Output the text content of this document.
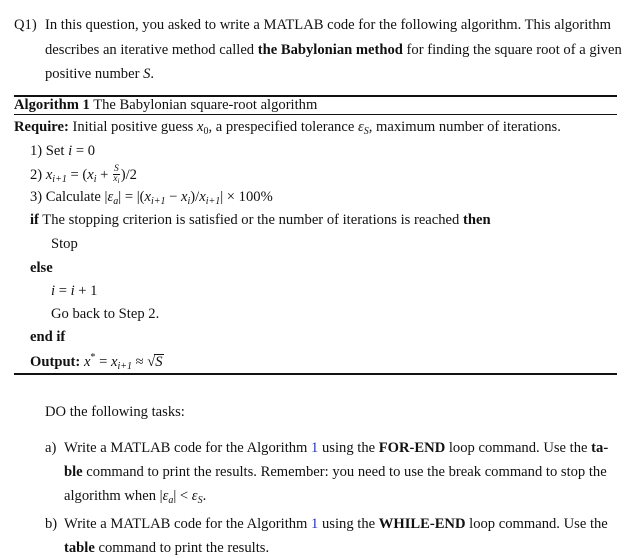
Q1) In this question, you asked to write a MATLAB code for the following algorithm. This algorithm
describes an iterative method called the Babylonian method for finding the square root of a given
positive number S.
Algorithm 1 The Babylonian square-root algorithm
Require: Initial positive guess $x_0$, a prespecified tolerance $\varepsilon_S$, maximum number of iterations.
1) Set i = 0
2) $x_{i+1} = (x_i + \frac{S}{x_i} )/2$
3) Calculate $|\varepsilon_a| = |(x_{i+1} - x_i)/x_{i+1}| \times 100\%$
if The stopping criterion is satisfied or the number of iterations is reached then
Stop
else
i = i + 1
Go back to Step 2.
end if
Output: $x^* = x_{i+1} \approx √S$
DO the following tasks:
a) Write a MATLAB code for the Algorithm 1 using the FOR-END loop command. Use the ta-
ble command to print the results. Remember: you need to use the break command to stop the
algorithm when $|\varepsilon_a| < \varepsilon_S$.
b) Write a MATLAB code for the Algorithm 1 using the WHILE-END loop command. Use the
table command to print the results.
